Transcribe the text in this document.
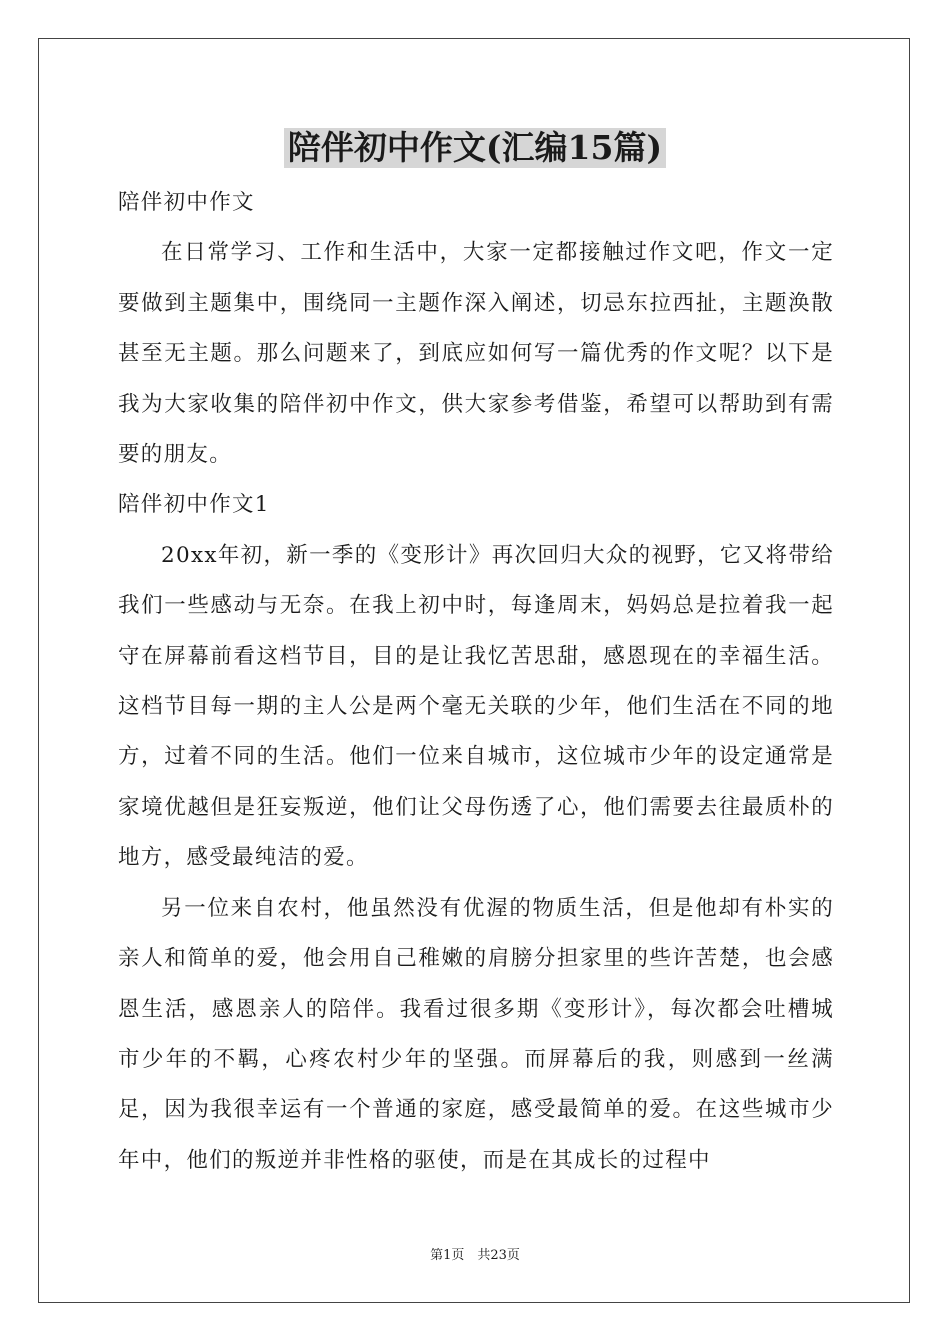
陪伴初中作文(汇编15篇)

陪伴初中作文

在日常学习、工作和生活中，大家一定都接触过作文吧，作文一定要做到主题集中，围绕同一主题作深入阐述，切忌东拉西扯，主题涣散甚至无主题。那么问题来了，到底应如何写一篇优秀的作文呢？以下是我为大家收集的陪伴初中作文，供大家参考借鉴，希望可以帮助到有需要的朋友。

陪伴初中作文1

20xx年初，新一季的《变形计》再次回归大众的视野，它又将带给我们一些感动与无奈。在我上初中时，每逢周末，妈妈总是拉着我一起守在屏幕前看这档节目，目的是让我忆苦思甜，感恩现在的幸福生活。 这档节目每一期的主人公是两个毫无关联的少年，他们生活在不同的地方，过着不同的生活。他们一位来自城市，这位城市少年的设定通常是家境优越但是狂妄叛逆，他们让父母伤透了心，他们需要去往最质朴的地方，感受最纯洁的爱。

另一位来自农村，他虽然没有优渥的物质生活，但是他却有朴实的亲人和简单的爱，他会用自己稚嫩的肩膀分担家里的些许苦楚，也会感恩生活，感恩亲人的陪伴。我看过很多期《变形计》，每次都会吐槽城市少年的不羁，心疼农村少年的坚强。而屏幕后的我，则感到一丝满足，因为我很幸运有一个普通的家庭，感受最简单的爱。在这些城市少年中，他们的叛逆并非性格的驱使，而是在其成长的过程中

第1页　共23页
